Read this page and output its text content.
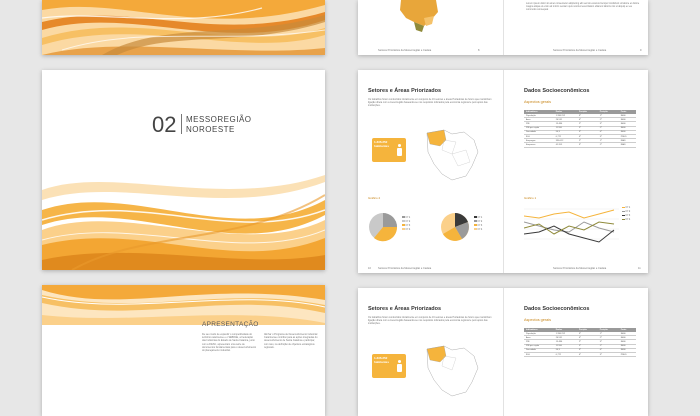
Lorem ipsum dolor sit amet consectetur adipiscing elit sed do eiusmod tempor incididunt ut labore et dolore magna aliqua ut enim ad minim veniam quis nostrud exercitation ullamco laboris nisi ut aliquip ex ea commodo consequat
Setores Prioritários da Messorregião e Cadeia	8	Setores Prioritários da Messorregião e Cadeia	9
02 MESSOREGIÃO
NOROESTE
APRESENTAÇÃO
De seu modo de expandir o competitividade do território catarinense e o SEBRAE, a Federação das Indústrias do Estado de Santa Catarina, junto com a FIESC, apresentam uma série de documentos fundamentais para o desenvolvimento do planejamento industrial.
Alinhar o Programa de Desenvolvimento Industrial Catarinense contribui para as ações integradas do desenvolvimento de Santa Catarina e participar, com isso, na definição de objetivos estratégicos regionais.
Setores e Áreas Priorizados
Os trabalhos foram conduzidos inicialmente em conjunto de 16 setores e áreas Portadoras de futuro que mantinham ligação direta com a mesorregião baseando-se nos requisitos indicados pela economia regional e pelo apoio das instituições.
1.336.252 habitantes
Gráfico 2
Nº 1
Nº 2
Nº 3
Nº 4
Nº 1
Nº 2
Nº 3
Nº 4
Dados Socioeconômicos
Aspectos gerais
Indicadores	Dados	Posição	Posição	Fonte
População	1.336.252	3º	1º	IBGE
Área	26.531	4º	2º	IBGE
PIB	15.486	2º	3º	IBGE
PIB per capita	11.590	5º	2º	IBGE
Densidade	50,3	3º	4º	IBGE
IDH	0,772	4º	3º	PNUD
Empregos	336.012	2º	1º	RAIS
Empresas	41.205	3º	2º	RAIS
Gráfico 1
Nº 1
Nº 2
Nº 3
Nº 4
Setores Prioritários da Messorregião e Cadeia
10	Setores Prioritários da Messorregião e Cadeia	11
Setores e Áreas Priorizados
Os trabalhos foram conduzidos inicialmente em conjunto de 16 setores e áreas Portadoras de futuro que mantinham ligação direta com a mesorregião baseando-se nos requisitos indicados pela economia regional e pelo apoio das instituições.
1.336.252 habitantes
Dados Socioeconômicos
Aspectos gerais
Indicadores	Dados	Posição	Posição	Fonte
População	1.336.252	3º	1º	IBGE
Área	26.531	4º	2º	IBGE
PIB	15.486	2º	3º	IBGE
PIB per capita	11.590	5º	2º	IBGE
Densidade	50,3	3º	4º	IBGE
IDH	0,772	4º	3º	PNUD
